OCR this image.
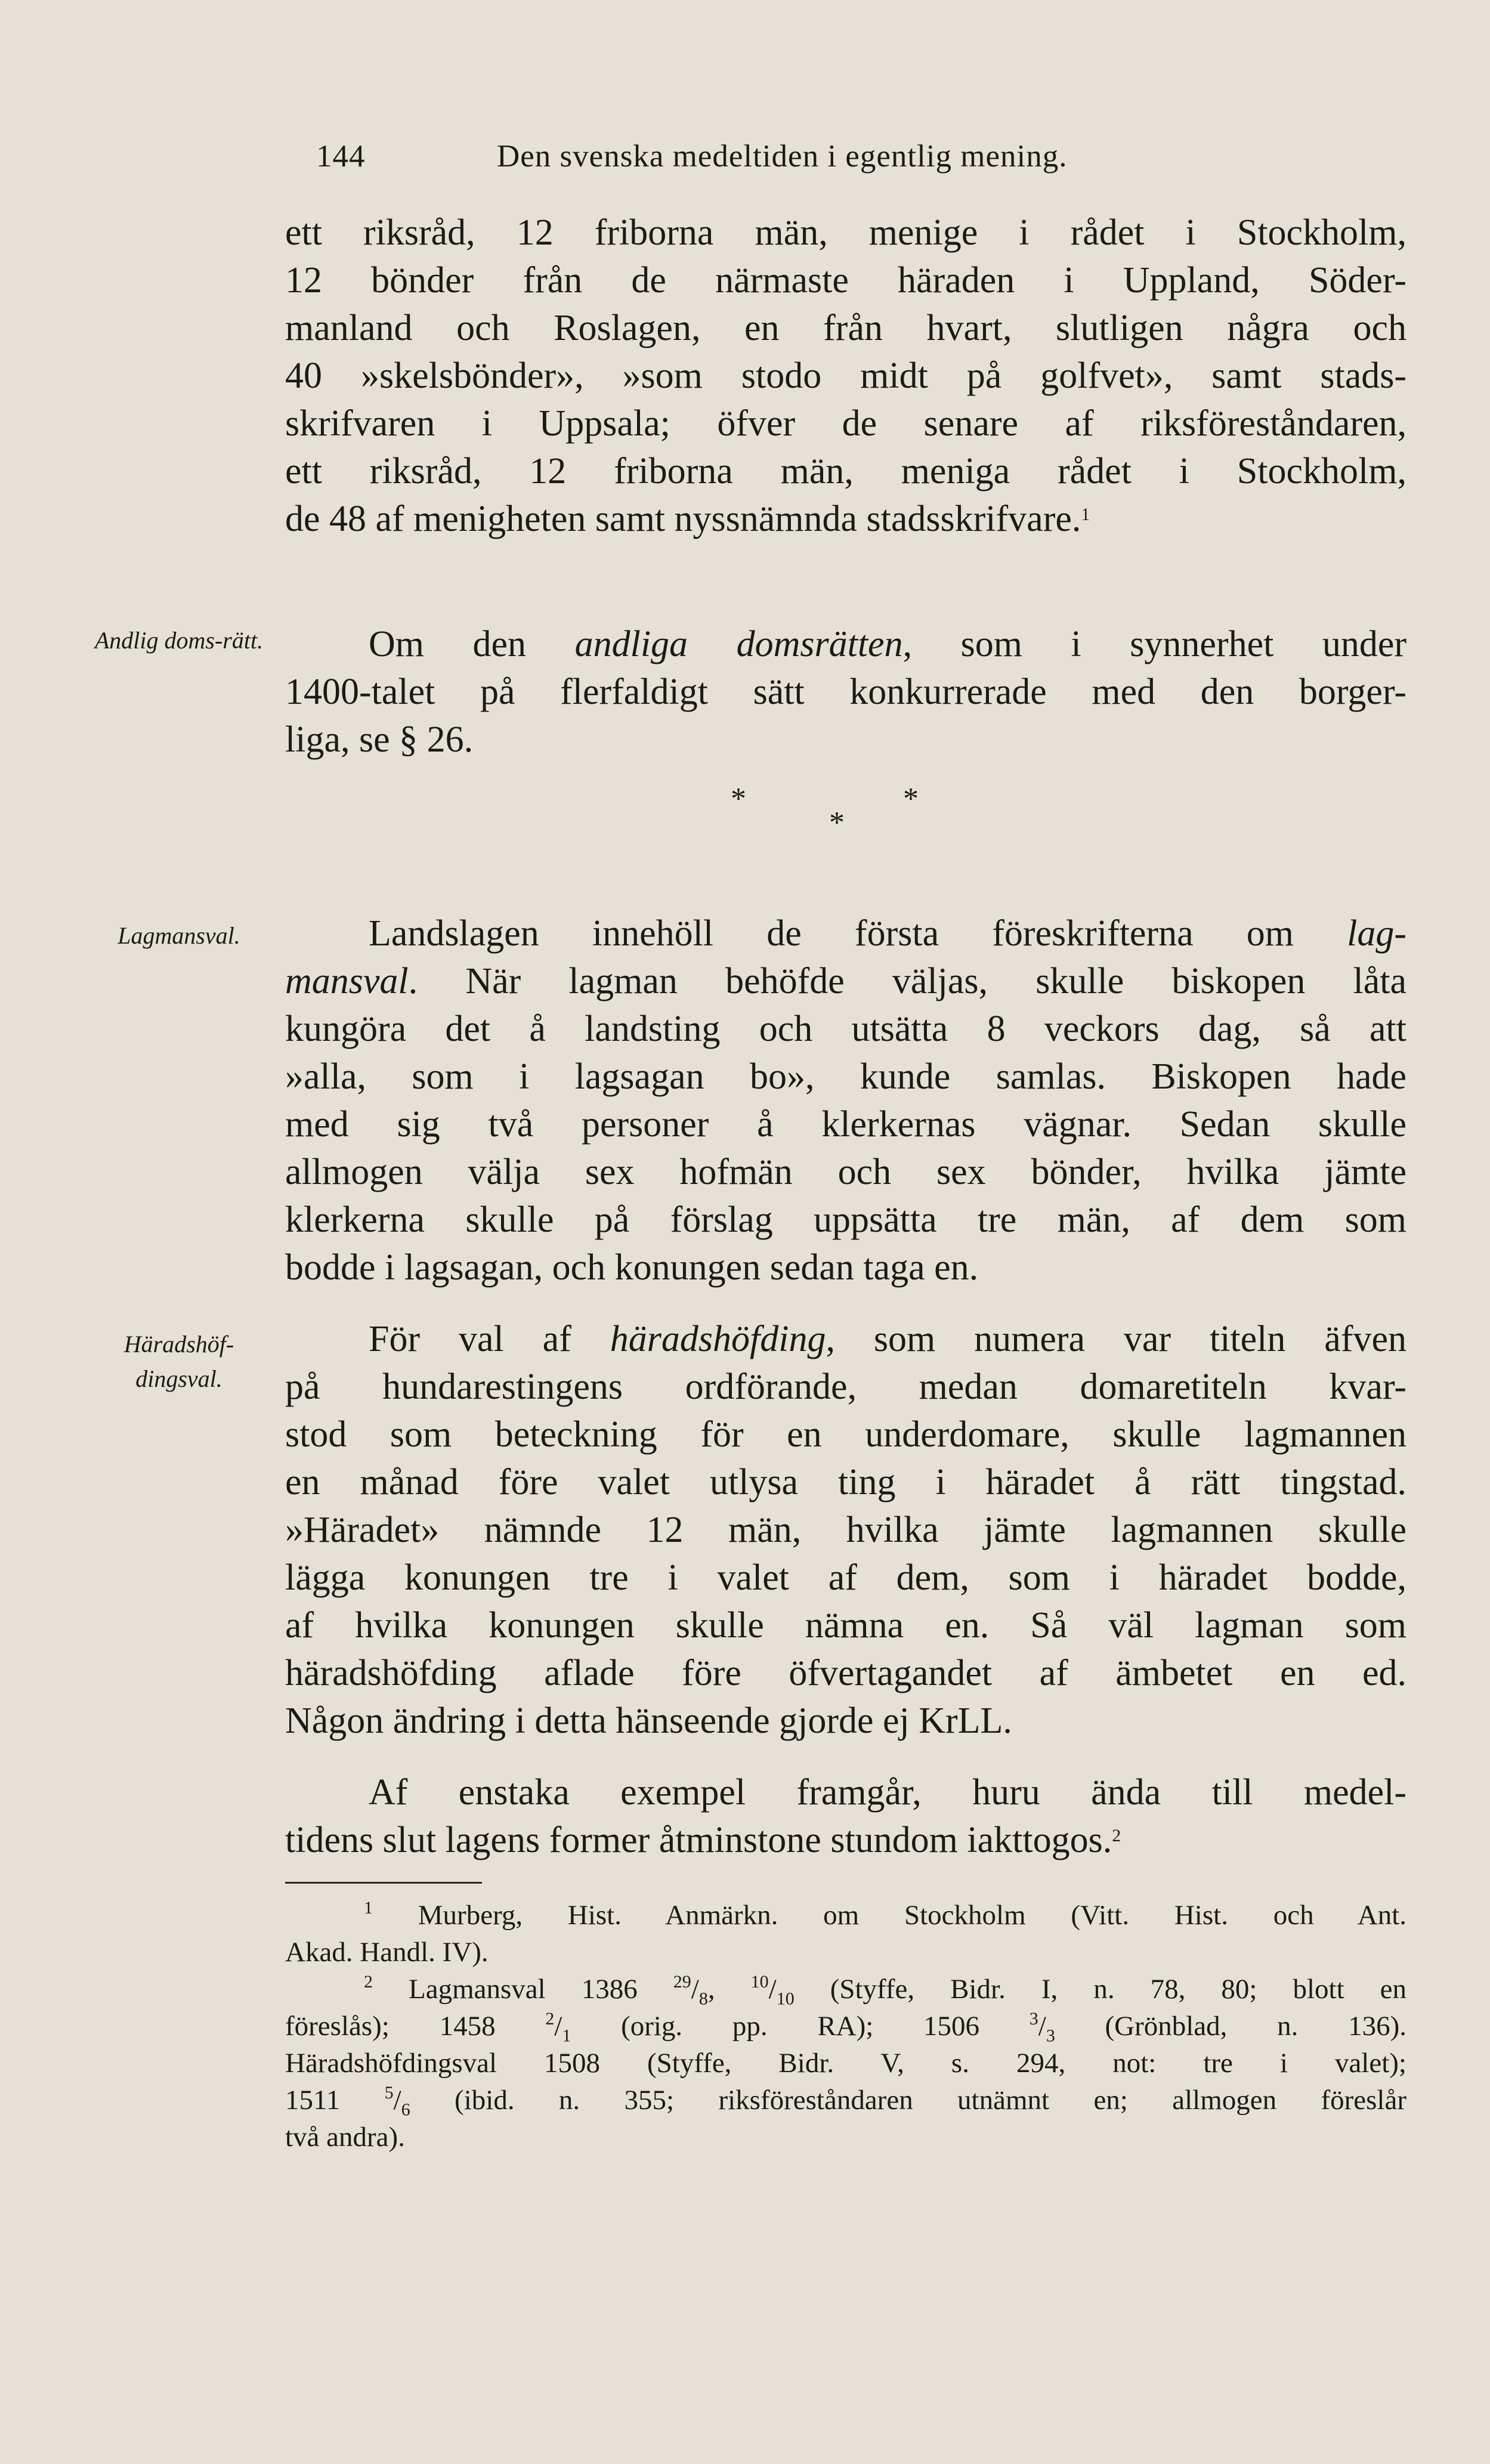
144	Den svenska medeltiden i egentlig mening.
ett riksråd, 12 friborna män, menige i rådet i Stockholm,
12 bönder från de närmaste häraden i Uppland, Söder-
manland och Roslagen, en från hvart, slutligen några och
40 »skelsbönder», »som stodo midt på golfvet», samt stads-
skrifvaren i Uppsala; öfver de senare af riksföreståndaren,
ett riksråd, 12 friborna män, meniga rådet i Stockholm,
de 48 af menigheten samt nyssnämnda stadsskrifvare.$^1$
Andlig doms-rätt.
Lagmansval.
Häradshöf-dingsval.
Om den andliga domsrätten, som i synnerhet under
1400-talet på flerfaldigt sätt konkurrerade med den borger-
liga, se § 26.
* *
*
Landslagen innehöll de första föreskrifterna om lag-
mansval. När lagman behöfde väljas, skulle biskopen låta
kungöra det å landsting och utsätta 8 veckors dag, så att
»alla, som i lagsagan bo», kunde samlas. Biskopen hade
med sig två personer å klerkernas vägnar. Sedan skulle
allmogen välja sex hofmän och sex bönder, hvilka jämte
klerkerna skulle på förslag uppsätta tre män, af dem som
bodde i lagsagan, och konungen sedan taga en.
För val af häradshöfding, som numera var titeln äfven
på hundarestingens ordförande, medan domaretiteln kvar-
stod som beteckning för en underdomare, skulle lagmannen
en månad före valet utlysa ting i häradet å rätt tingstad.
»Häradet» nämnde 12 män, hvilka jämte lagmannen skulle
lägga konungen tre i valet af dem, som i häradet bodde,
af hvilka konungen skulle nämna en. Så väl lagman som
häradshöfding aflade före öfvertagandet af ämbetet en ed.
Någon ändring i detta hänseende gjorde ej KrLL.
Af enstaka exempel framgår, huru ända till medel-
tidens slut lagens former åtminstone stundom iakttogos.$^2$
$^1$ Murberg, Hist. Anmärkn. om Stockholm (Vitt. Hist. och Ant.
Akad. Handl. IV).
$^2$ Lagmansval 1386 $^{29}/_8$, $^{10}/_{10}$ (Styffe, Bidr. I, n. 78, 80; blott en
föreslås); 1458 $^2/_1$ (orig. pp. RA); 1506 $^3/_3$ (Grönblad, n. 136).
Häradshöfdingsval 1508 (Styffe, Bidr. V, s. 294, not: tre i valet);
1511 $^5/_6$ (ibid. n. 355; riksföreståndaren utnämnt en; allmogen föreslår
två andra).
